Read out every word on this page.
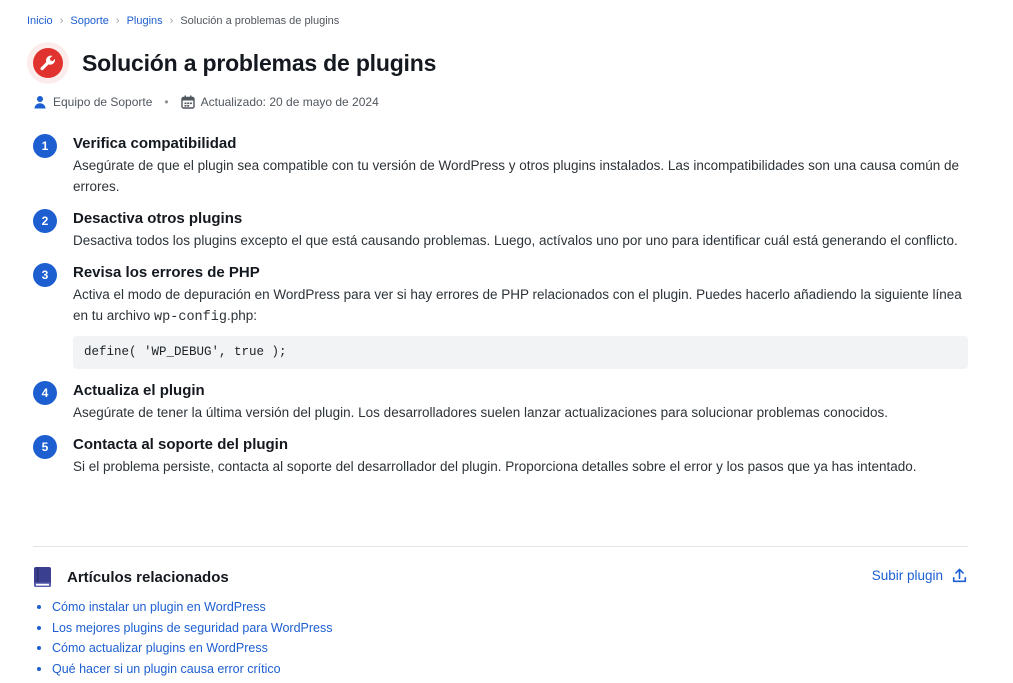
Inicio › Soporte › Plugins › Solución a problemas de plugins
Solución a problemas de plugins
Equipo de Soporte •	Actualizado: 20 de mayo de 2024
1	Verifica compatibilidad
Asegúrate de que el plugin sea compatible con tu versión de WordPress y otros plugins instalados. Las incompatibilidades son una causa común de errores.
2	Desactiva otros plugins
Desactiva todos los plugins excepto el que está causando problemas. Luego, actívalos uno por uno para identificar cuál está generando el conflicto.
3	Revisa los errores de PHP
Activa el modo de depuración en WordPress para ver si hay errores de PHP relacionados con el plugin. Puedes hacerlo añadiendo la siguiente línea en tu archivo wp-config.php:
define( 'WP_DEBUG', true );
4	Actualiza el plugin
Asegúrate de tener la última versión del plugin. Los desarrolladores suelen lanzar actualizaciones para solucionar problemas conocidos.
5	Contacta al soporte del plugin
Si el problema persiste, contacta al soporte del desarrollador del plugin. Proporciona detalles sobre el error y los pasos que ya has intentado.
Artículos relacionados	Subir plugin
Cómo instalar un plugin en WordPress
Los mejores plugins de seguridad para WordPress
Cómo actualizar plugins en WordPress
Qué hacer si un plugin causa error crítico
